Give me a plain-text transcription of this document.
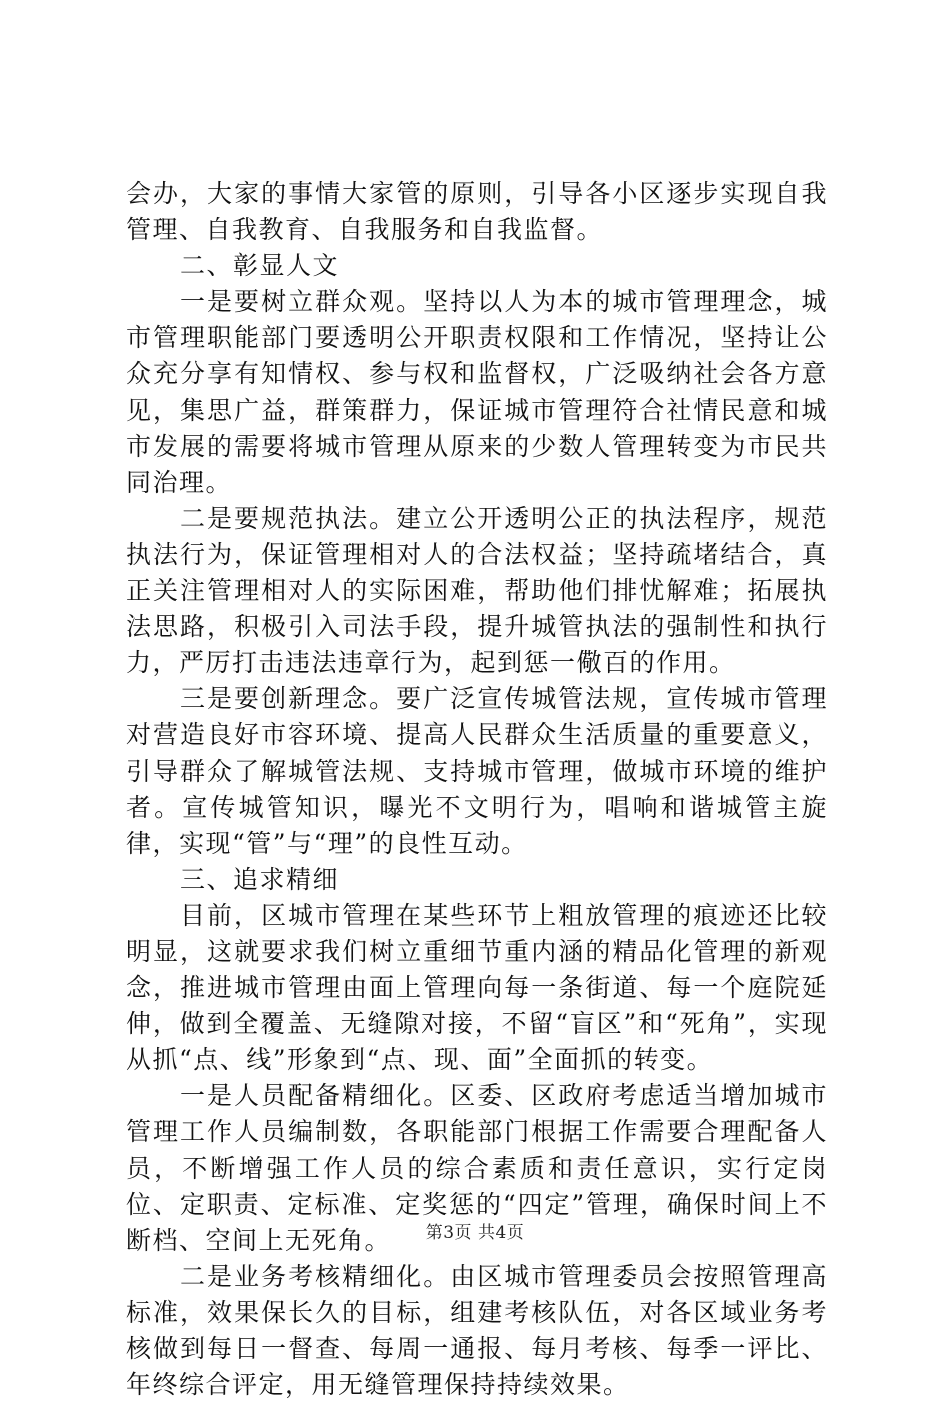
会办，大家的事情大家管的原则，引导各小区逐步实现自我管理、自我教育、自我服务和自我监督。

二、彰显人文

一是要树立群众观。坚持以人为本的城市管理理念，城市管理职能部门要透明公开职责权限和工作情况，坚持让公众充分享有知情权、参与权和监督权，广泛吸纳社会各方意见，集思广益，群策群力，保证城市管理符合社情民意和城市发展的需要将城市管理从原来的少数人管理转变为市民共同治理。

二是要规范执法。建立公开透明公正的执法程序，规范执法行为，保证管理相对人的合法权益；坚持疏堵结合，真正关注管理相对人的实际困难，帮助他们排忧解难；拓展执法思路，积极引入司法手段，提升城管执法的强制性和执行力，严厉打击违法违章行为，起到惩一儆百的作用。

三是要创新理念。要广泛宣传城管法规，宣传城市管理对营造良好市容环境、提高人民群众生活质量的重要意义，引导群众了解城管法规、支持城市管理，做城市环境的维护者。宣传城管知识，曝光不文明行为，唱响和谐城管主旋律，实现“管”与“理”的良性互动。

三、追求精细

目前，区城市管理在某些环节上粗放管理的痕迹还比较明显，这就要求我们树立重细节重内涵的精品化管理的新观念，推进城市管理由面上管理向每一条街道、每一个庭院延伸，做到全覆盖、无缝隙对接，不留“盲区”和“死角”，实现从抓“点、线”形象到“点、现、面”全面抓的转变。

一是人员配备精细化。区委、区政府考虑适当增加城市管理工作人员编制数，各职能部门根据工作需要合理配备人员，不断增强工作人员的综合素质和责任意识，实行定岗位、定职责、定标准、定奖惩的“四定”管理，确保时间上不断档、空间上无死角。

二是业务考核精细化。由区城市管理委员会按照管理高标准，效果保长久的目标，组建考核队伍，对各区域业务考核做到每日一督查、每周一通报、每月考核、每季一评比、年终综合评定，用无缝管理保持持续效果。

第3页 共4页
